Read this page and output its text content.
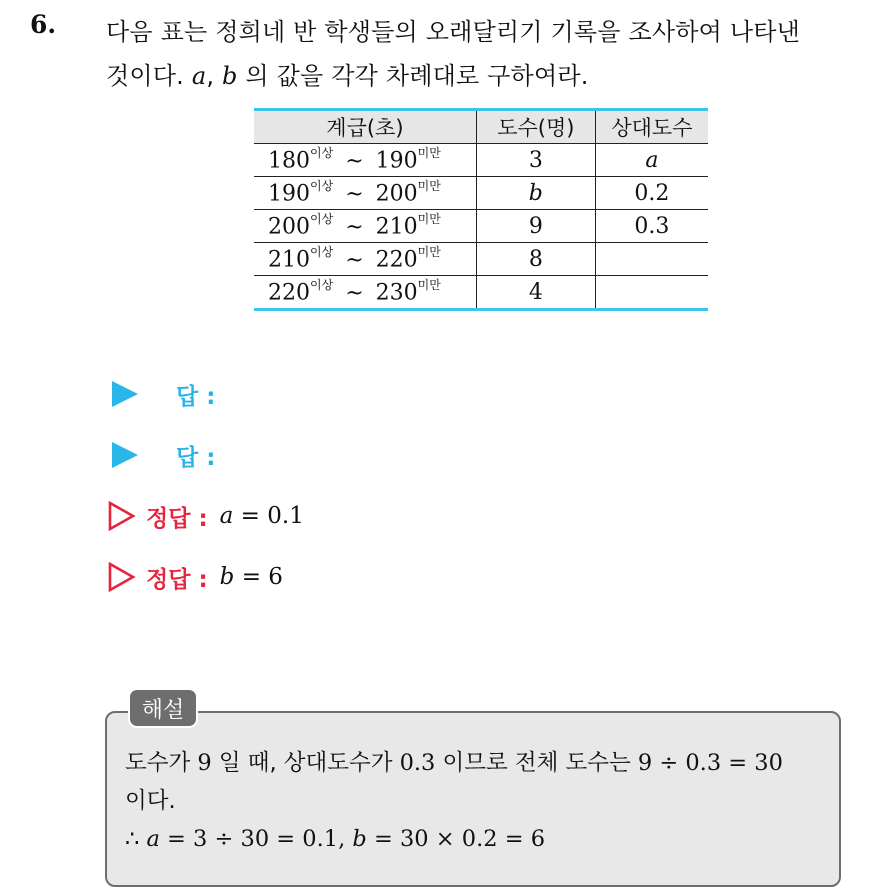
6. 다음 표는 정희네 반 학생들의 오래달리기 기록을 조사하여 나타낸
것이다. a, b 의 값을 각각 차례대로 구하여라.
계급(초)	도수(명)	상대도수
$180^{이상}$ ~ $190^{미만}$	3	a
$190^{이상}$ ~ $200^{미만}$	b	0.2
$200^{이상}$ ~ $210^{미만}$	9	0.3
$210^{이상}$ ~ $220^{미만}$	8	
$220^{이상}$ ~ $230^{미만}$	4	
답 :
답 :
정답 : a = 0.1
정답 : b = 6
해설
도수가 9 일 때, 상대도수가 0.3 이므로 전체 도수는 9 ÷ 0.3 = 30
이다.
∴ a = 3 ÷ 30 = 0.1, b = 30 × 0.2 = 6
